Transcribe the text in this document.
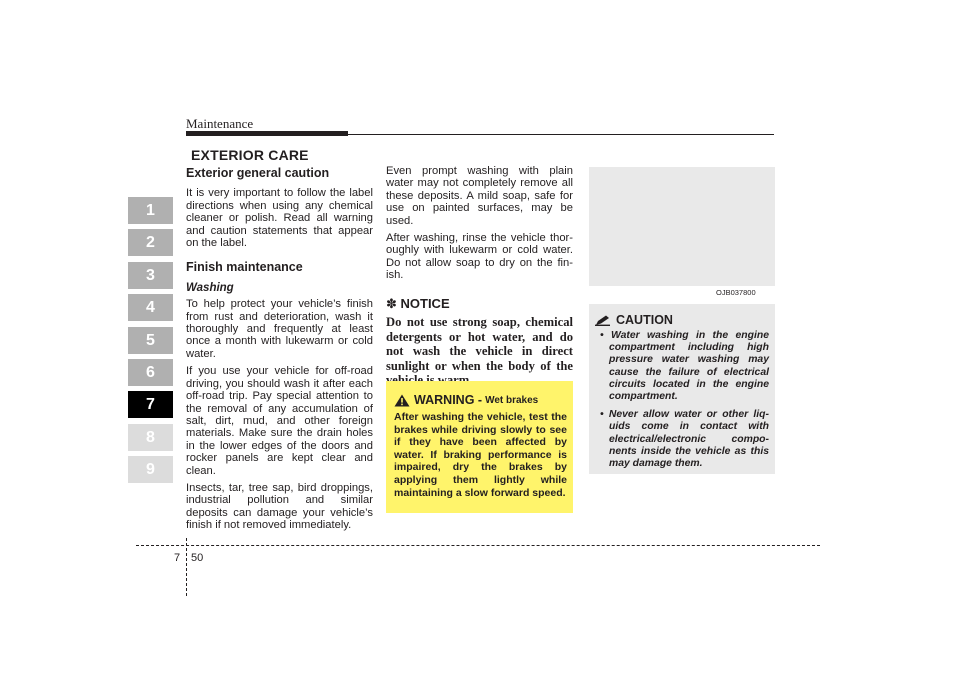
Maintenance
EXTERIOR CARE
1
2
3
4
5
6
7
8
9
Exterior general caution

It is very important to follow the label directions when using any chemical cleaner or polish. Read all warning and caution statements that appear on the label.

Finish maintenance
Washing

To help protect your vehicle’s finish from rust and deterioration, wash it thoroughly and frequently at least once a month with lukewarm or cold water.

If you use your vehicle for off-road driving, you should wash it after each off-road trip. Pay special attention to the removal of any accumulation of salt, dirt, mud, and other foreign materials. Make sure the drain holes in the lower edges of the doors and rocker panels are kept clear and clean.

Insects, tar, tree sap, bird droppings, industrial pollution and similar deposits can damage your vehicle’s finish if not removed immediately.

Even prompt washing with plain water may not completely remove all these deposits. A mild soap, safe for use on painted surfaces, may be used.

After washing, rinse the vehicle thor-oughly with lukewarm or cold water. Do not allow soap to dry on the fin-ish.

✽ NOTICE
Do not use strong soap, chemical detergents or hot water, and do not wash the vehicle in direct sunlight or when the body of the
WARNING - Wet brakes
After washing the vehicle, test the brakes while driving slowly to see if they have been affected by water. If braking performance is impaired, dry the brakes by applying them lightly while maintaining a slow forward speed.
OJB037800
CAUTION
• Water washing in the engine compartment including high pressure water washing may cause the failure of electrical circuits located in the engine compartment.
• Never allow water or other liq-uids come in contact with electrical/electronic compo-nents inside the vehicle as this may damage them.
7 50
